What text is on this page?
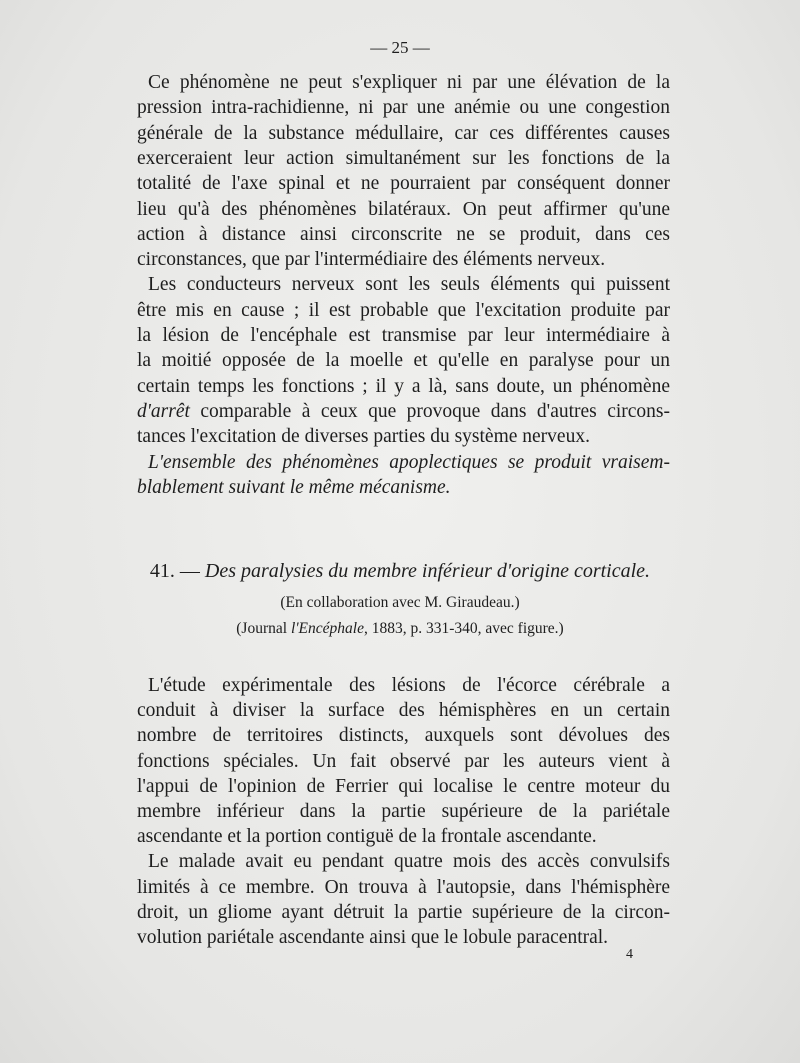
— 25 —
Ce phénomène ne peut s'expliquer ni par une élévation de la
pression intra-rachidienne, ni par une anémie ou une congestion
générale de la substance médullaire, car ces différentes causes
exerceraient leur action simultanément sur les fonctions de la
totalité de l'axe spinal et ne pourraient par conséquent donner
lieu qu'à des phénomènes bilatéraux. On peut affirmer qu'une
action à distance ainsi circonscrite ne se produit, dans ces
circonstances, que par l'intermédiaire des éléments nerveux.
Les conducteurs nerveux sont les seuls éléments qui puissent
être mis en cause ; il est probable que l'excitation produite par
la lésion de l'encéphale est transmise par leur intermédiaire à
la moitié opposée de la moelle et qu'elle en paralyse pour un
certain temps les fonctions ; il y a là, sans doute, un phénomène
d'arrêt comparable à ceux que provoque dans d'autres circons-
tances l'excitation de diverses parties du système nerveux.
L'ensemble des phénomènes apoplectiques se produit vraisem-
blablement suivant le même mécanisme.
41. — Des paralysies du membre inférieur d'origine corticale.
(En collaboration avec M. Giraudeau.)
(Journal l'Encéphale, 1883, p. 331-340, avec figure.)
L'étude expérimentale des lésions de l'écorce cérébrale a
conduit à diviser la surface des hémisphères en un certain
nombre de territoires distincts, auxquels sont dévolues des
fonctions spéciales. Un fait observé par les auteurs vient à
l'appui de l'opinion de Ferrier qui localise le centre moteur du
membre inférieur dans la partie supérieure de la pariétale
ascendante et la portion contiguë de la frontale ascendante.
Le malade avait eu pendant quatre mois des accès convulsifs
limités à ce membre. On trouva à l'autopsie, dans l'hémisphère
droit, un gliome ayant détruit la partie supérieure de la circon-
volution pariétale ascendante ainsi que le lobule paracentral.
4
